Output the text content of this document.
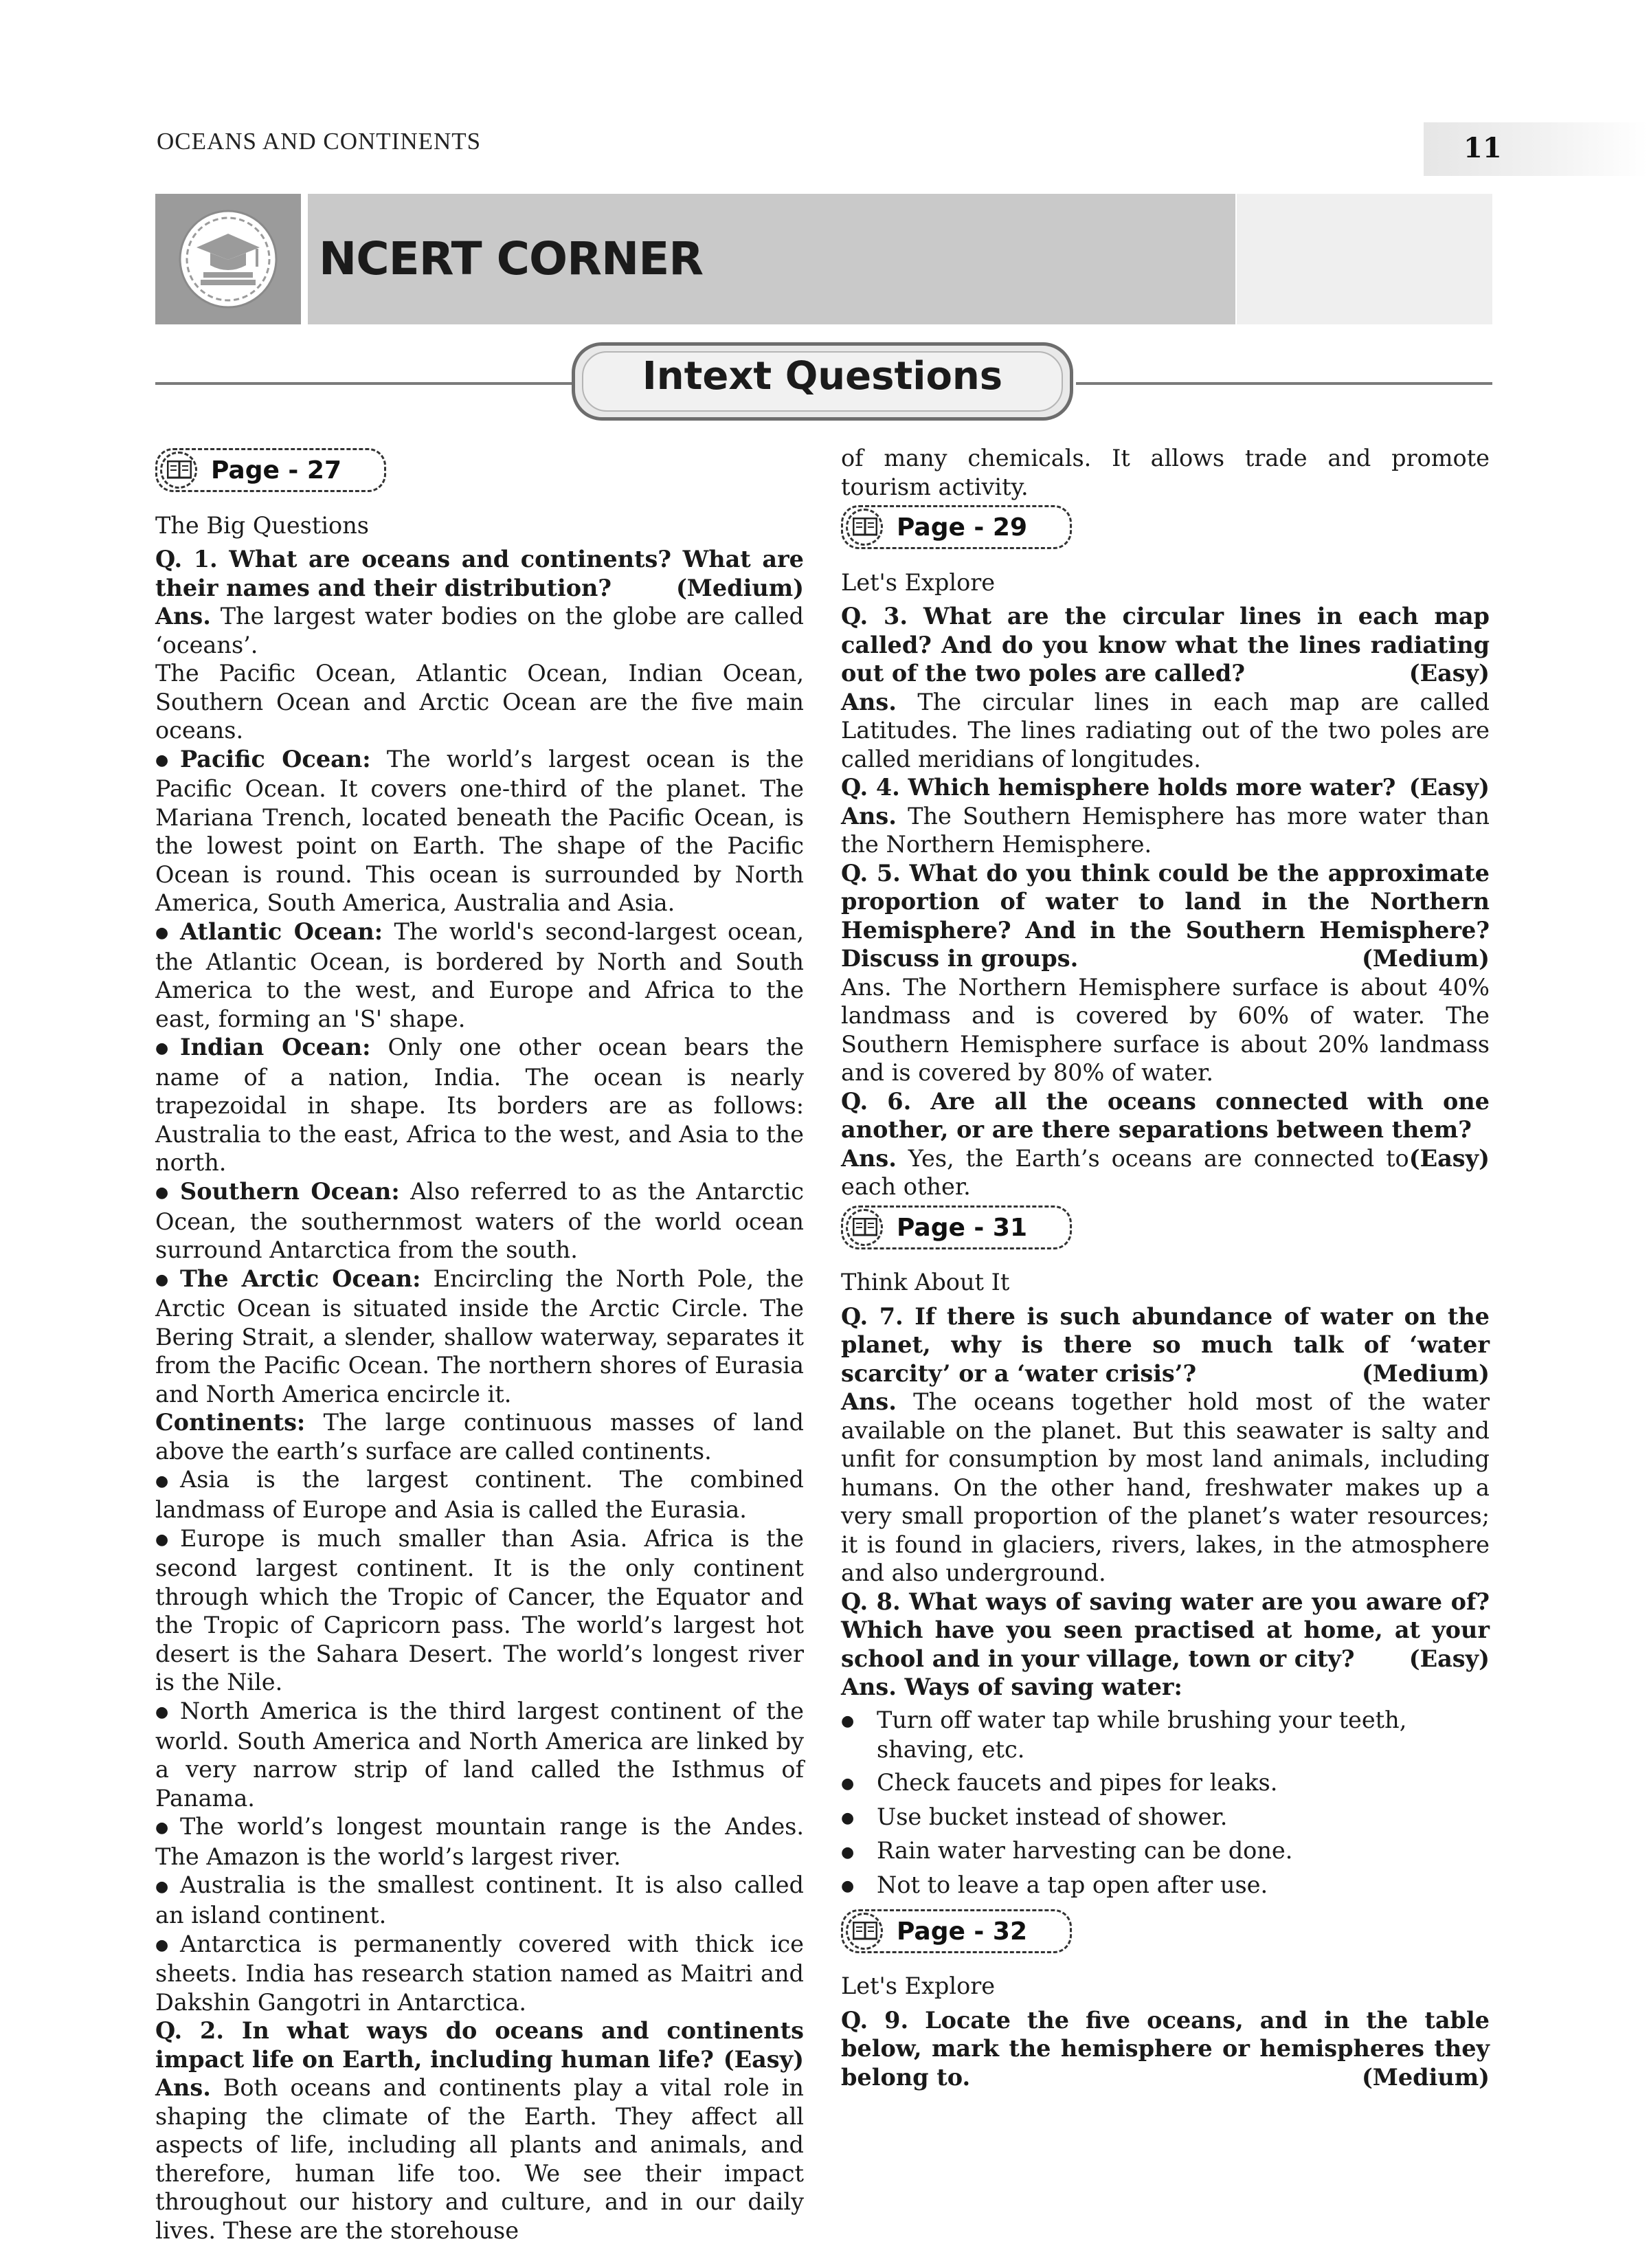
OCEANS AND CONTINENTS	11
NCERT CORNER
Intext Questions
Page - 27

The Big Questions

Q. 1. What are oceans and continents? What are their names and their distribution?	(Medium)

Ans. The largest water bodies on the globe are called ‘oceans’.

The Pacific Ocean, Atlantic Ocean, Indian Ocean, Southern Ocean and Arctic Ocean are the five main oceans.

● Pacific Ocean: The world’s largest ocean is the Pacific Ocean. It covers one-third of the planet. The Mariana Trench, located beneath the Pacific Ocean, is the lowest point on Earth. The shape of the Pacific Ocean is round. This ocean is surrounded by North America, South America, Australia and Asia.

● Atlantic Ocean: The world's second-largest ocean, the Atlantic Ocean, is bordered by North and South America to the west, and Europe and Africa to the east, forming an 'S' shape.

● Indian Ocean: Only one other ocean bears the name of a nation, India. The ocean is nearly trapezoidal in shape. Its borders are as follows: Australia to the east, Africa to the west, and Asia to the north.

● Southern Ocean: Also referred to as the Antarctic Ocean, the southernmost waters of the world ocean surround Antarctica from the south.

● The Arctic Ocean: Encircling the North Pole, the Arctic Ocean is situated inside the Arctic Circle. The Bering Strait, a slender, shallow waterway, separates it from the Pacific Ocean. The northern shores of Eurasia and North America encircle it.

Continents: The large continuous masses of land above the earth’s surface are called continents.

● Asia is the largest continent. The combined landmass of Europe and Asia is called the Eurasia.

● Europe is much smaller than Asia. Africa is the second largest continent. It is the only continent through which the Tropic of Cancer, the Equator and the Tropic of Capricorn pass. The world’s largest hot desert is the Sahara Desert. The world’s longest river is the Nile.

● North America is the third largest continent of the world. South America and North America are linked by a very narrow strip of land called the Isthmus of Panama.

● The world’s longest mountain range is the Andes. The Amazon is the world’s largest river.

● Australia is the smallest continent. It is also called an island continent.

● Antarctica is permanently covered with thick ice sheets. India has research station named as Maitri and Dakshin Gangotri in Antarctica.

Q. 2. In what ways do oceans and continents impact life on Earth, including human life? (Easy)

Ans. Both oceans and continents play a vital role in shaping the climate of the Earth. They affect all aspects of life, including all plants and animals, and therefore, human life too. We see their impact throughout our history and culture, and in our daily lives. These are the storehouse

of many chemicals. It allows trade and promote tourism activity.

Page - 29

Let's Explore

Q. 3. What are the circular lines in each map called? And do you know what the lines radiating out of the two poles are called?	(Easy)

Ans. The circular lines in each map are called Latitudes. The lines radiating out of the two poles are called meridians of longitudes.

Q. 4. Which hemisphere holds more water? (Easy)

Ans. The Southern Hemisphere has more water than the Northern Hemisphere.

Q. 5. What do you think could be the approximate proportion of water to land in the Northern Hemisphere? And in the Southern Hemisphere? Discuss in groups.	(Medium)

Ans. The Northern Hemisphere surface is about 40% landmass and is covered by 60% of water. The Southern Hemisphere surface is about 20% landmass and is covered by 80% of water.

Q. 6. Are all the oceans connected with one another, or are there separations between them?
(Easy)

Ans. Yes, the Earth’s oceans are connected to each other.

Page - 31

Think About It

Q. 7. If there is such abundance of water on the planet, why is there so much talk of ‘water scarcity’ or a ‘water crisis’?	(Medium)

Ans. The oceans together hold most of the water available on the planet. But this seawater is salty and unfit for consumption by most land animals, including humans. On the other hand, freshwater makes up a very small proportion of the planet’s water resources; it is found in glaciers, rivers, lakes, in the atmosphere and also underground.

Q. 8. What ways of saving water are you aware of? Which have you seen practised at home, at your school and in your village, town or city? (Easy)

Ans. Ways of saving water:

● Turn off water tap while brushing your teeth, shaving, etc.

● Check faucets and pipes for leaks.

● Use bucket instead of shower.

● Rain water harvesting can be done.

● Not to leave a tap open after use.

Page - 32

Let's Explore

Q. 9. Locate the five oceans, and in the table below, mark the hemisphere or hemispheres they belong to.	(Medium)
